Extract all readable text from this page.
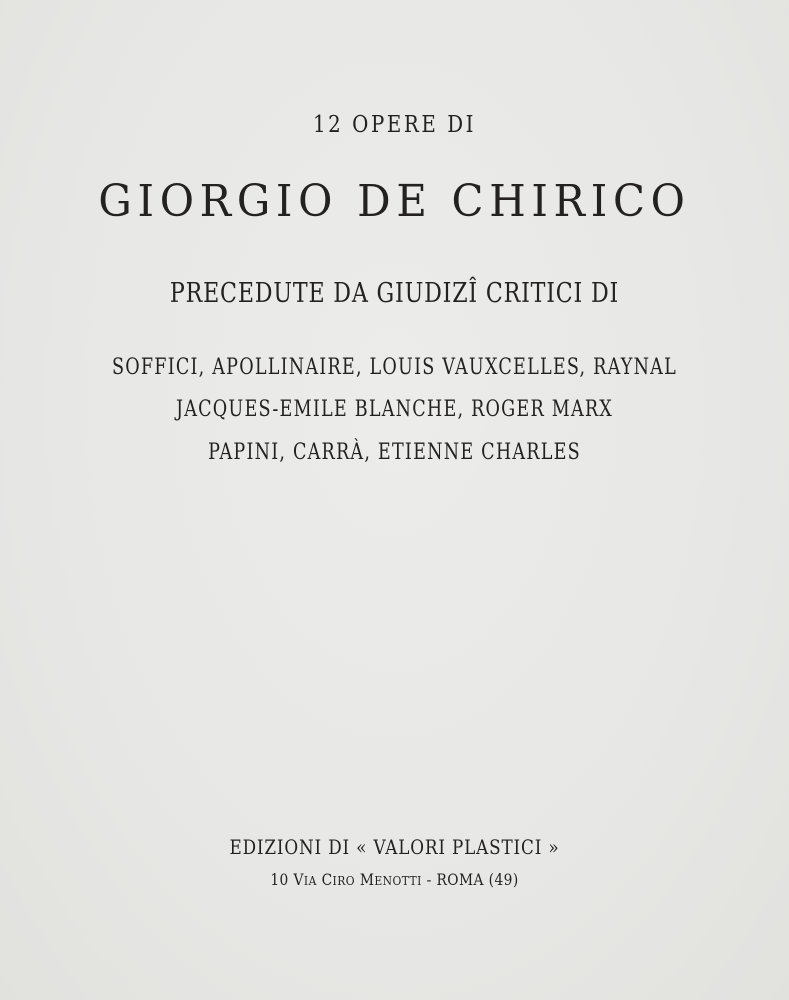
12 OPERE DI
GIORGIO DE CHIRICO
PRECEDUTE DA GIUDIZÎ CRITICI DI
SOFFICI, APOLLINAIRE, LOUIS VAUXCELLES, RAYNAL
JACQUES-EMILE BLANCHE, ROGER MARX
PAPINI, CARRÀ, ETIENNE CHARLES
EDIZIONI DI « VALORI PLASTICI »
10 VIA CIRO MENOTTI - ROMA (49)
